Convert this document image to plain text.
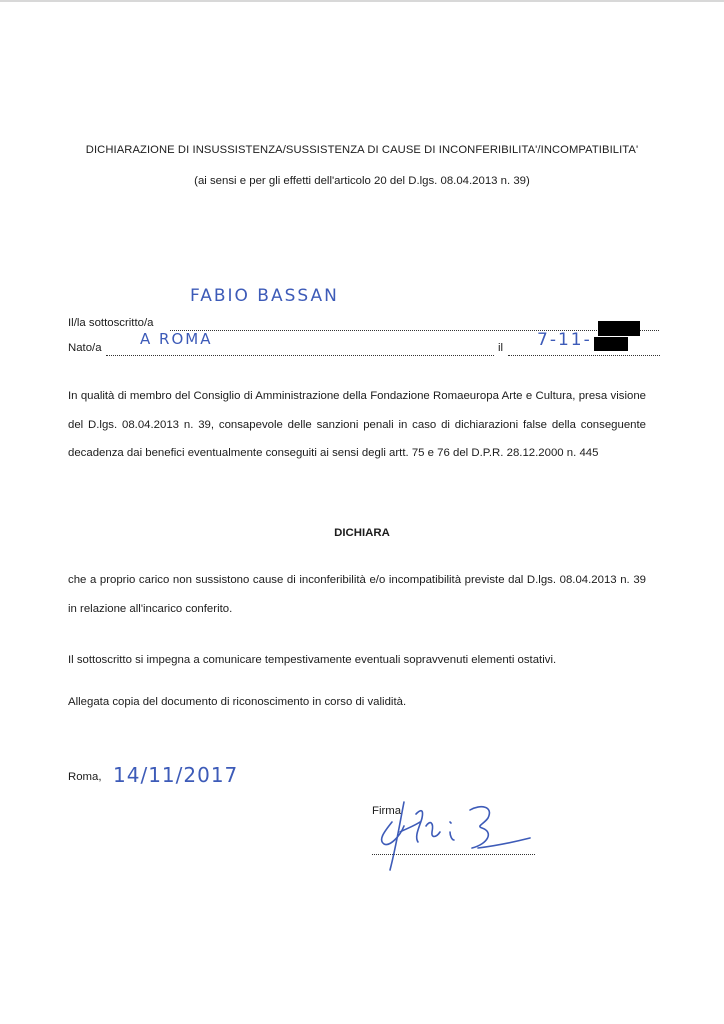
DICHIARAZIONE DI INSUSSISTENZA/SUSSISTENZA DI CAUSE DI INCONFERIBILITA'/INCOMPATIBILITA'
(ai sensi e per gli effetti dell'articolo 20 del D.lgs. 08.04.2013 n. 39)
Il/la sottoscritto/a
FABIO BASSAN
Nato/a	A ROMA	il 7-11-
In qualità di membro del Consiglio di Amministrazione della Fondazione Romaeuropa Arte e Cultura, presa visione del D.lgs. 08.04.2013 n. 39, consapevole delle sanzioni penali in caso di dichiarazioni false della conseguente decadenza dai benefici eventualmente conseguiti ai sensi degli artt. 75 e 76 del D.P.R. 28.12.2000 n. 445
DICHIARA
che a proprio carico non sussistono cause di inconferibilità e/o incompatibilità previste dal D.lgs. 08.04.2013 n. 39 in relazione all'incarico conferito.
Il sottoscritto si impegna a comunicare tempestivamente eventuali sopravvenuti elementi ostativi.
Allegata copia del documento di riconoscimento in corso di validità.
Roma, 14/11/2017
Firma
